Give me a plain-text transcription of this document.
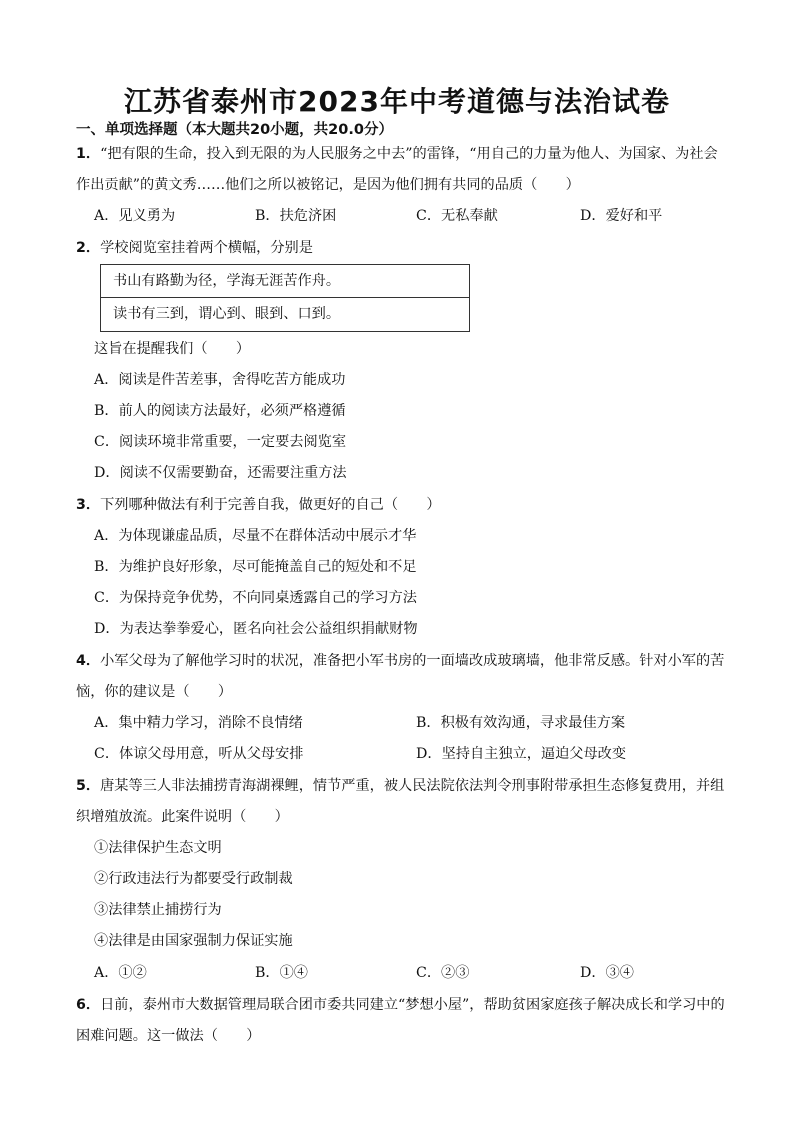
江苏省泰州市2023年中考道德与法治试卷
一、单项选择题（本大题共20小题，共20.0分）
1．“把有限的生命，投入到无限的为人民服务之中去”的雷锋，“用自己的力量为他人、为国家、为社会
作出贡献”的黄文秀……他们之所以被铭记，是因为他们拥有共同的品质（　　）
A．见义勇为	B．扶危济困	C．无私奉献	D．爱好和平
2．学校阅览室挂着两个横幅，分别是
书山有路勤为径，学海无涯苦作舟。
读书有三到，谓心到、眼到、口到。
这旨在提醒我们（　　）
A．阅读是件苦差事，舍得吃苦方能成功
B．前人的阅读方法最好，必须严格遵循
C．阅读环境非常重要，一定要去阅览室
D．阅读不仅需要勤奋，还需要注重方法
3．下列哪种做法有利于完善自我，做更好的自己（　　）
A．为体现谦虚品质，尽量不在群体活动中展示才华
B．为维护良好形象，尽可能掩盖自己的短处和不足
C．为保持竞争优势，不向同桌透露自己的学习方法
D．为表达拳拳爱心，匿名向社会公益组织捐献财物
4．小军父母为了解他学习时的状况，准备把小军书房的一面墙改成玻璃墙，他非常反感。针对小军的苦
恼，你的建议是（　　）
A．集中精力学习，消除不良情绪	B．积极有效沟通，寻求最佳方案
C．体谅父母用意，听从父母安排	D．坚持自主独立，逼迫父母改变
5．唐某等三人非法捕捞青海湖裸鲤，情节严重，被人民法院依法判令刑事附带承担生态修复费用，并组
织增殖放流。此案件说明（　　）
①法律保护生态文明
②行政违法行为都要受行政制裁
③法律禁止捕捞行为
④法律是由国家强制力保证实施
A．①②	B．①④	C．②③	D．③④
6．日前，泰州市大数据管理局联合团市委共同建立“梦想小屋”，帮助贫困家庭孩子解决成长和学习中的
困难问题。这一做法（　　）
